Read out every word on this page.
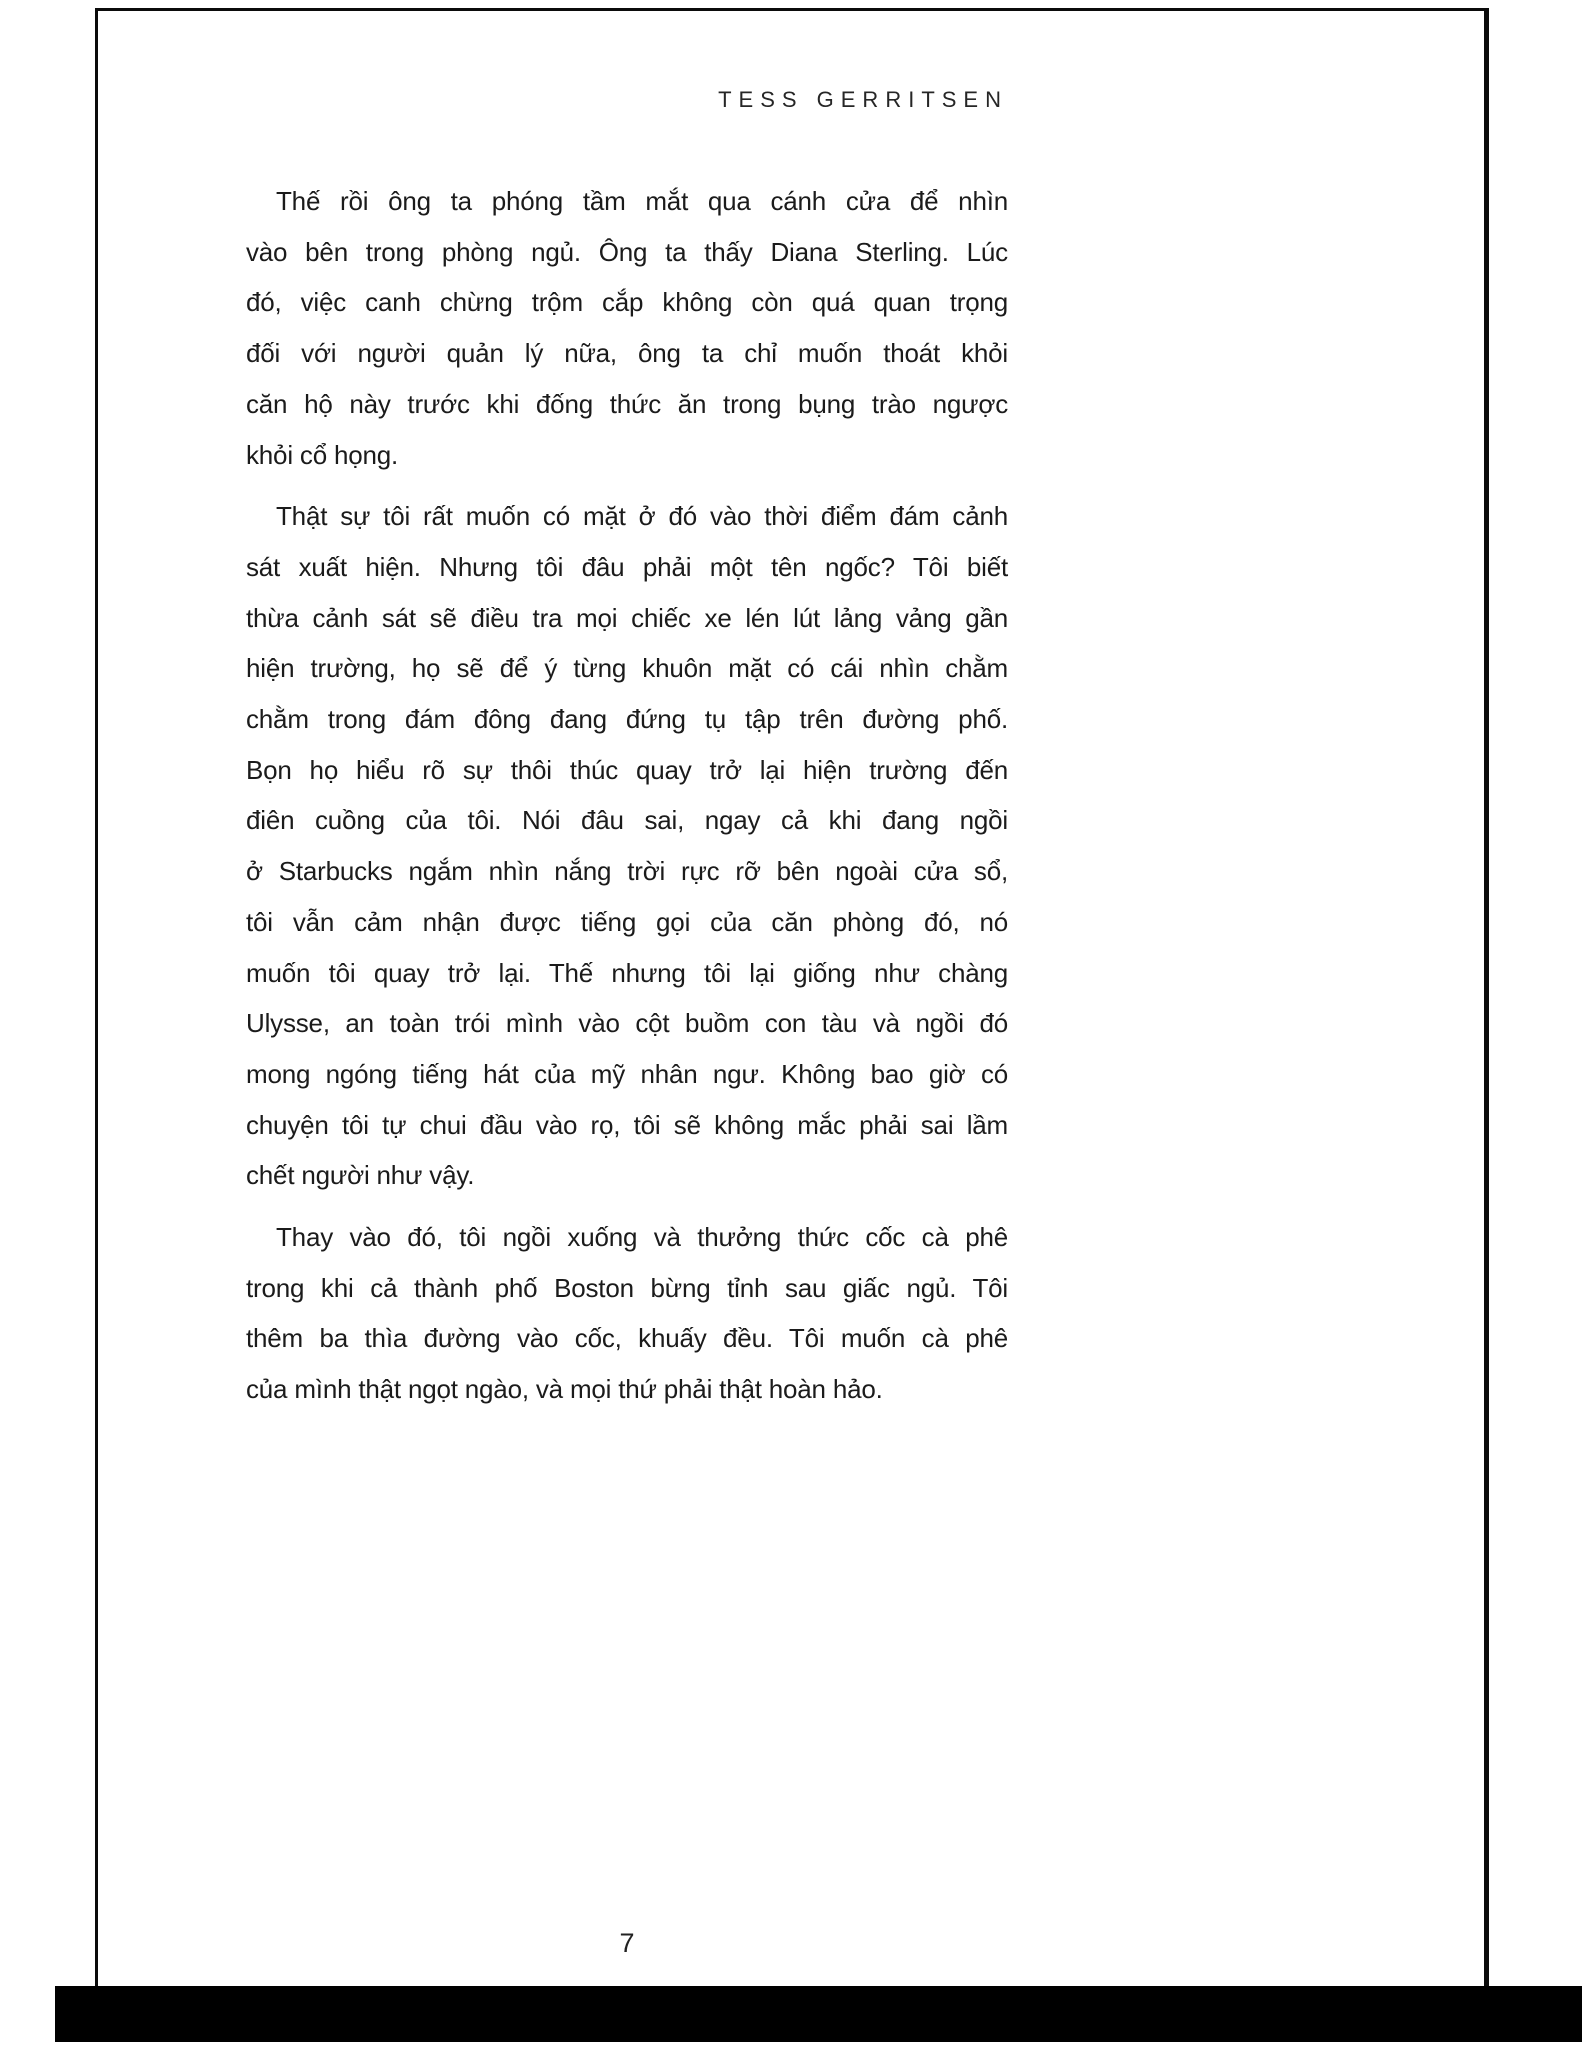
TESS GERRITSEN

Thế rồi ông ta phóng tầm mắt qua cánh cửa để nhìn
vào bên trong phòng ngủ. Ông ta thấy Diana Sterling. Lúc
đó, việc canh chừng trộm cắp không còn quá quan trọng
đối với người quản lý nữa, ông ta chỉ muốn thoát khỏi
căn hộ này trước khi đống thức ăn trong bụng trào ngược
khỏi cổ họng.

Thật sự tôi rất muốn có mặt ở đó vào thời điểm đám cảnh
sát xuất hiện. Nhưng tôi đâu phải một tên ngốc? Tôi biết
thừa cảnh sát sẽ điều tra mọi chiếc xe lén lút lảng vảng gần
hiện trường, họ sẽ để ý từng khuôn mặt có cái nhìn chằm
chằm trong đám đông đang đứng tụ tập trên đường phố.
Bọn họ hiểu rõ sự thôi thúc quay trở lại hiện trường đến
điên cuồng của tôi. Nói đâu sai, ngay cả khi đang ngồi
ở Starbucks ngắm nhìn nắng trời rực rỡ bên ngoài cửa sổ,
tôi vẫn cảm nhận được tiếng gọi của căn phòng đó, nó
muốn tôi quay trở lại. Thế nhưng tôi lại giống như chàng
Ulysse, an toàn trói mình vào cột buồm con tàu và ngồi đó
mong ngóng tiếng hát của mỹ nhân ngư. Không bao giờ có
chuyện tôi tự chui đầu vào rọ, tôi sẽ không mắc phải sai lầm
chết người như vậy.

Thay vào đó, tôi ngồi xuống và thưởng thức cốc cà phê
trong khi cả thành phố Boston bừng tỉnh sau giấc ngủ. Tôi
thêm ba thìa đường vào cốc, khuấy đều. Tôi muốn cà phê
của mình thật ngọt ngào, và mọi thứ phải thật hoàn hảo.

7
